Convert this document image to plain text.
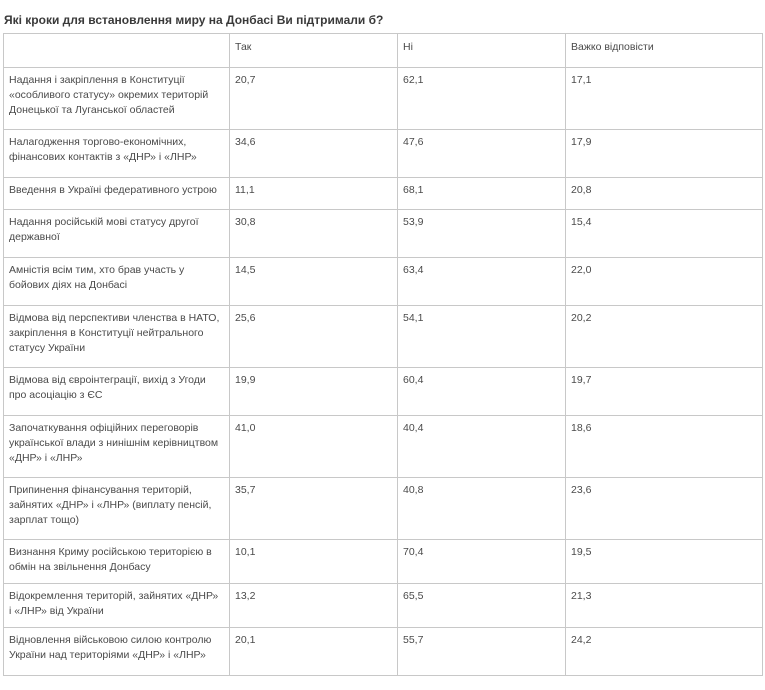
Які кроки для встановлення миру на Донбасі Ви підтримали б?
	Так	Ні	Важко відповісти

Надання і закріплення в Конституції «особливого статусу» окремих територій Донецької та Луганської областей	20,7	62,1	17,1

Налагодження торгово-економічних, фінансових контактів з «ДНР» і «ЛНР»	34,6	47,6	17,9

Введення в Україні федеративного устрою	11,1	68,1	20,8

Надання російській мові статусу другої державної	30,8	53,9	15,4

Амністія всім тим, хто брав участь у бойових діях на Донбасі	14,5	63,4	22,0

Відмова від перспективи членства в НАТО, закріплення в Конституції нейтрального статусу України	25,6	54,1	20,2

Відмова від євроінтеграції, вихід з Угоди про асоціацію з ЄС	19,9	60,4	19,7

Започаткування офіційних переговорів української влади з нинішнім керівництвом «ДНР» і «ЛНР»	41,0	40,4	18,6

Припинення фінансування територій, зайнятих «ДНР» і «ЛНР» (виплату пенсій, зарплат тощо)	35,7	40,8	23,6

Визнання Криму російською територією в обмін на звільнення Донбасу	10,1	70,4	19,5

Відокремлення територій, зайнятих «ДНР» і «ЛНР» від України	13,2	65,5	21,3

Відновлення військовою силою контролю України над територіями «ДНР» і «ЛНР»	20,1	55,7	24,2
